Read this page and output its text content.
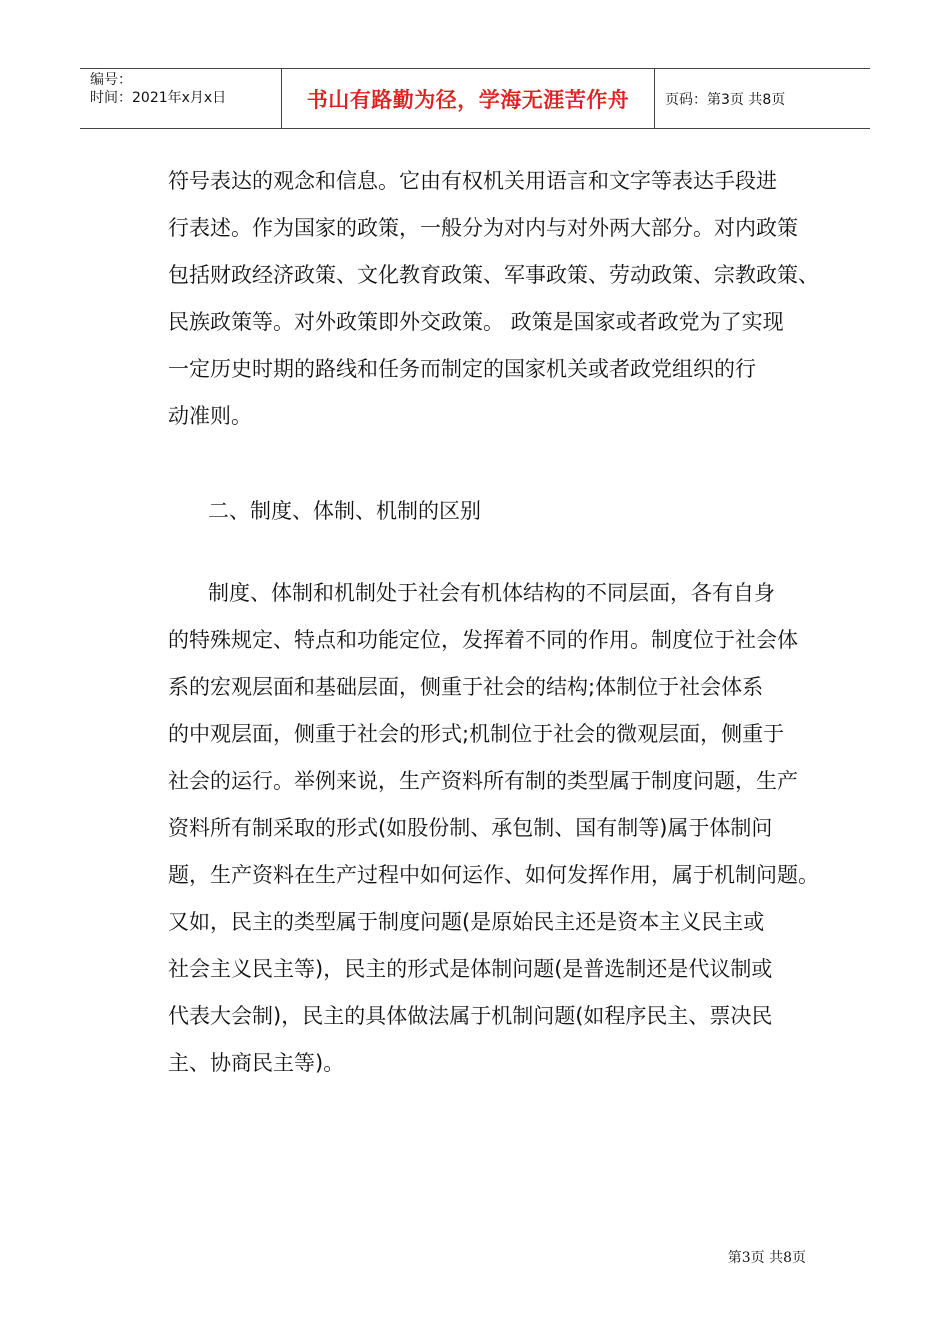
编号：
时间：2021年x月x日	书山有路勤为径，学海无涯苦作舟	页码：第3页 共8页
符号表达的观念和信息。它由有权机关用语言和文字等表达手段进
行表述。作为国家的政策，一般分为对内与对外两大部分。对内政策
包括财政经济政策、文化教育政策、军事政策、劳动政策、宗教政策、
民族政策等。对外政策即外交政策。 政策是国家或者政党为了实现
一定历史时期的路线和任务而制定的国家机关或者政党组织的行
动准则。
二、制度、体制、机制的区别
制度、体制和机制处于社会有机体结构的不同层面，各有自身
的特殊规定、特点和功能定位，发挥着不同的作用。制度位于社会体
系的宏观层面和基础层面，侧重于社会的结构;体制位于社会体系
的中观层面，侧重于社会的形式;机制位于社会的微观层面，侧重于
社会的运行。举例来说，生产资料所有制的类型属于制度问题，生产
资料所有制采取的形式(如股份制、承包制、国有制等)属于体制问
题，生产资料在生产过程中如何运作、如何发挥作用，属于机制问题。
又如，民主的类型属于制度问题(是原始民主还是资本主义民主或
社会主义民主等)，民主的形式是体制问题(是普选制还是代议制或
代表大会制)，民主的具体做法属于机制问题(如程序民主、票决民
主、协商民主等)。
第3页 共8页
